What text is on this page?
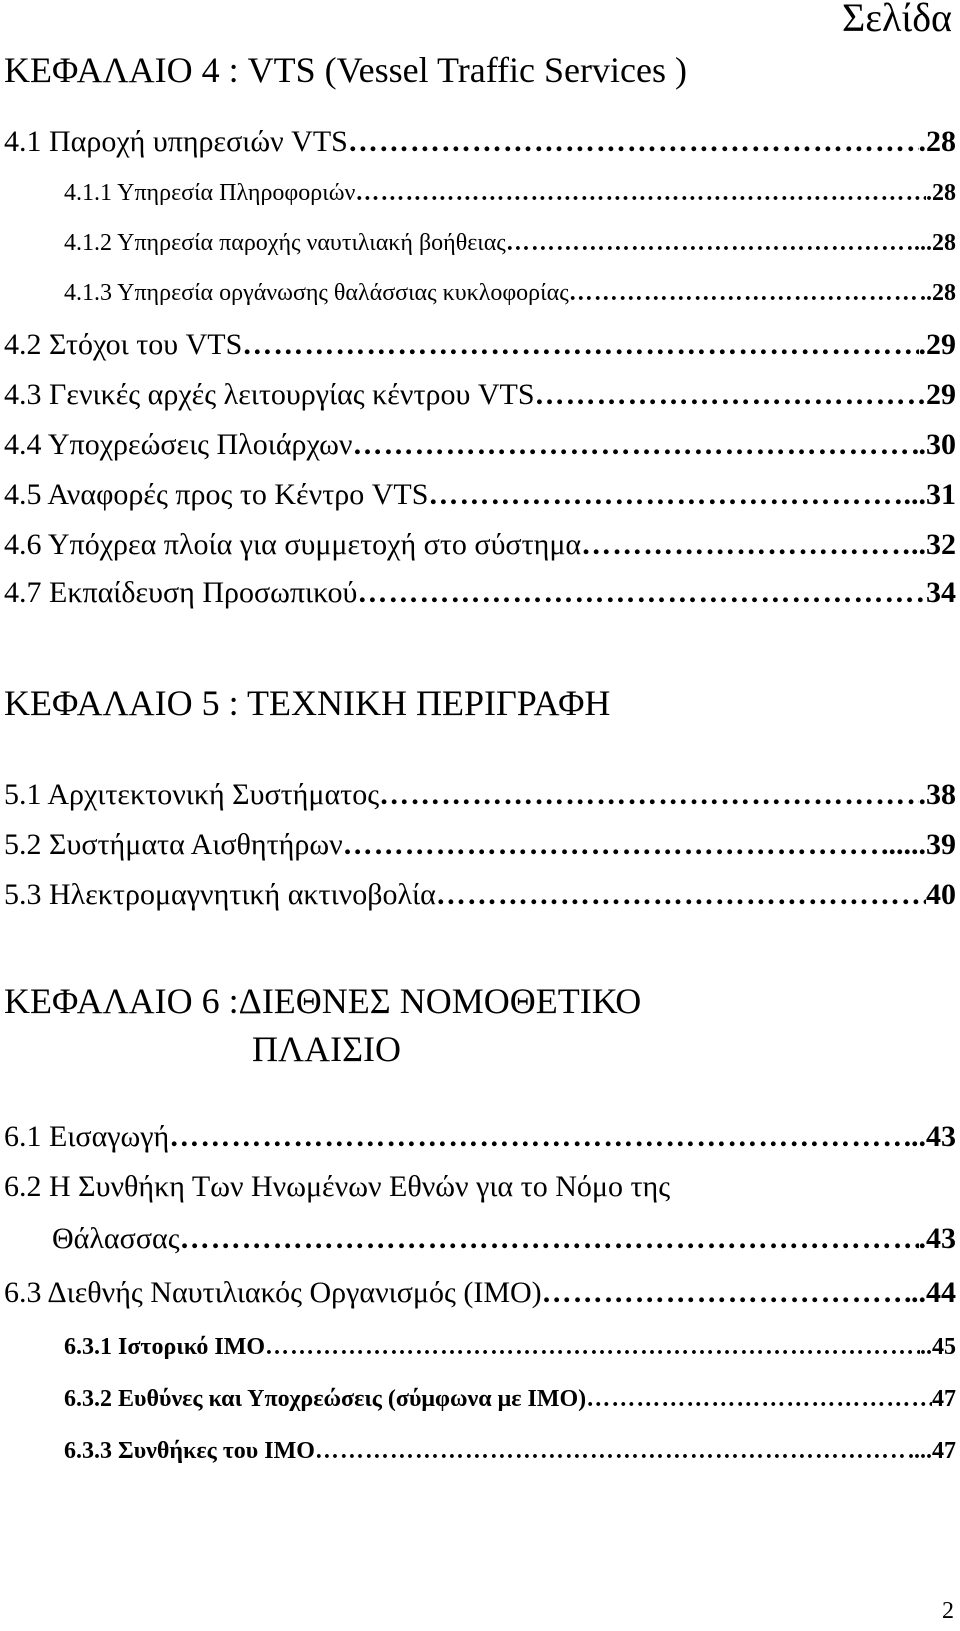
Σελίδα
ΚΕΦΑΛΑΙΟ 4 : VTS (Vessel Traffic Services )
4.1 Παροχή υπηρεσιών VTS …………………………………………………………………………………………………………………………………………………………………………………………	.28
4.1.1 Υπηρεσία Πληροφοριών …………………………………………………………………………………………………………………………………………………………………………………………	.28
4.1.2 Υπηρεσία παροχής ναυτιλιακή βοήθειας …………………………………………………………………………………………………………………………………………………………………………………………	...28
4.1.3 Υπηρεσία οργάνωσης θαλάσσιας κυκλοφορίας …………………………………………………………………………………………………………………………………………………………………………………………	..28
4.2 Στόχοι του VTS …………………………………………………………………………………………………………………………………………………………………………………………	.29
4.3 Γενικές αρχές λειτουργίας κέντρου VTS …………………………………………………………………………………………………………………………………………………………………………………………	29
4.4 Υποχρεώσεις Πλοιάρχων …………………………………………………………………………………………………………………………………………………………………………………………	.30
4.5 Αναφορές προς το Κέντρο VTS …………………………………………………………………………………………………………………………………………………………………………………………	...31
4.6 Υπόχρεα πλοία για συμμετοχή στο σύστημα …………………………………………………………………………………………………………………………………………………………………………………………	..32
4.7 Εκπαίδευση Προσωπικού …………………………………………………………………………………………………………………………………………………………………………………………	34
ΚΕΦΑΛΑΙΟ 5 : ΤΕΧΝΙΚΗ ΠΕΡΙΓΡΑΦΗ
5.1 Αρχιτεκτονική Συστήματος …………………………………………………………………………………………………………………………………………………………………………………………	.38
5.2 Συστήματα Αισθητήρων …………………………………………………………………………………………………………………………………………………………………………………………	......39
5.3 Ηλεκτρομαγνητική ακτινοβολία …………………………………………………………………………………………………………………………………………………………………………………………	40
ΚΕΦΑΛΑΙΟ 6 :ΔΙΕΘΝΕΣ ΝΟΜΟΘΕΤΙΚΟ
ΠΛΑΙΣΙΟ
6.1 Εισαγωγή …………………………………………………………………………………………………………………………………………………………………………………………	..43
6.2 Η Συνθήκη Των Ηνωμένων Εθνών για το Νόμο της
Θάλασσας …………………………………………………………………………………………………………………………………………………………………………………………	.43
6.3 Διεθνής Ναυτιλιακός Οργανισμός (ΙΜΟ) …………………………………………………………………………………………………………………………………………………………………………………………	..44
6.3.1 Ιστορικό ΙΜΟ …………………………………………………………………………………………………………………………………………………………………………………………	..45
6.3.2 Ευθύνες και Υποχρεώσεις (σύμφωνα με ΙΜΟ) …………………………………………………………………………………………………………………………………………………………………………………………	47
6.3.3 Συνθήκες του ΙΜΟ …………………………………………………………………………………………………………………………………………………………………………………………	....47
2
